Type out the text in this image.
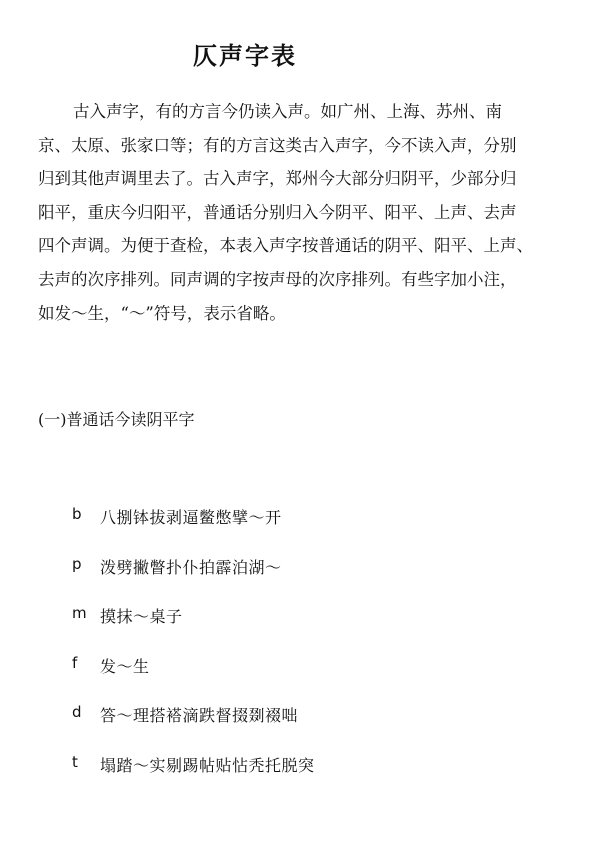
仄声字表

古入声字，有的方言今仍读入声。如广州、上海、苏州、南
京、太原、张家口等；有的方言这类古入声字，今不读入声，分别
归到其他声调里去了。古入声字，郑州今大部分归阴平，少部分归
阳平，重庆今归阳平，普通话分别归入今阴平、阳平、上声、去声
四个声调。为便于查检，本表入声字按普通话的阴平、阳平、上声、
去声的次序排列。同声调的字按声母的次序排列。有些字加小注，
如发～生，“～”符号，表示省略。

(一)普通话今读阴平字
b	八捌钵拔剥逼鳖憋擘～开
p	泼劈撇瞥扑仆拍霹泊湖～
m 摸抹～桌子
f	发～生
d	答～理搭褡滴跌督掇剟裰咄
t	塌踏～实剔踢帖贴怗秃托脱突
